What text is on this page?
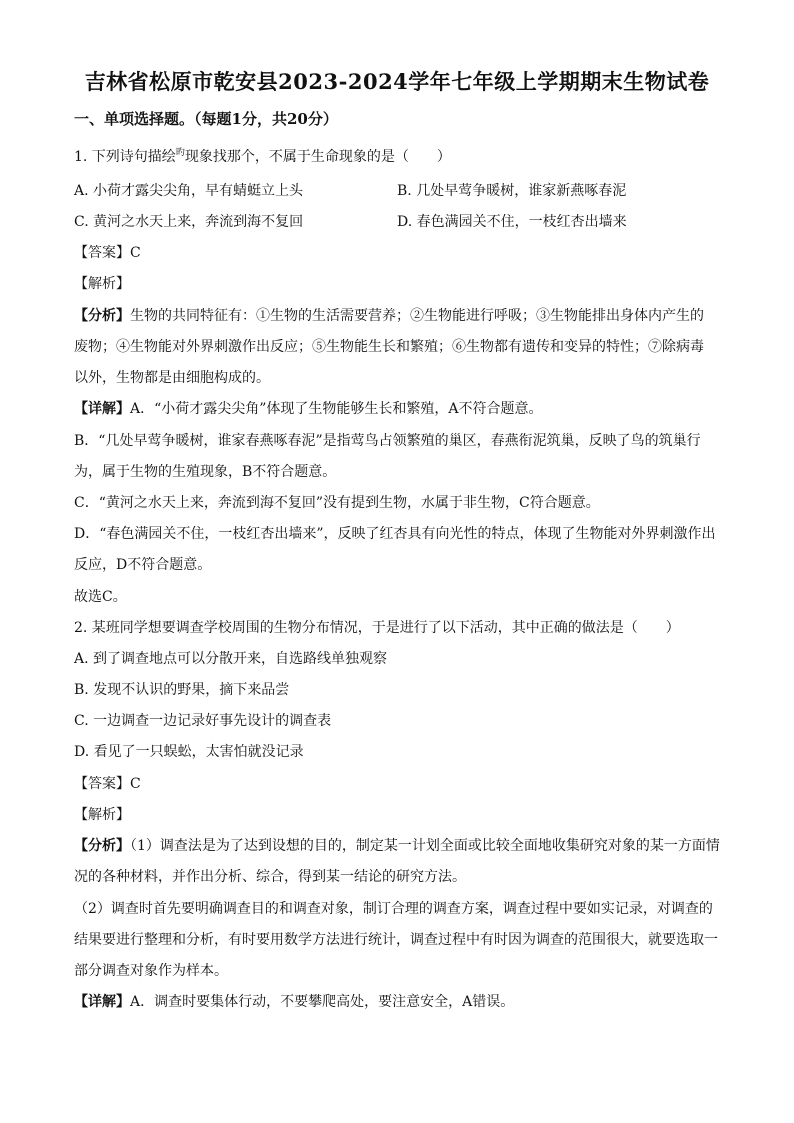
吉林省松原市乾安县2023-2024学年七年级上学期期末生物试卷
一、单项选择题。（每题1分，共20分）
1. 下列诗句描绘$^旳$现象找那个，不属于生命现象的是（　　）
A. 小荷才露尖尖角，早有蜻蜓立上头	B. 几处早莺争暖树，谁家新燕啄春泥
C. 黄河之水天上来，奔流到海不复回	D. 春色满园关不住，一枝红杏出墙来
【答案】C
【解析】
【分析】生物的共同特征有：①生物的生活需要营养；②生物能进行呼吸；③生物能排出身体内产生的
废物；④生物能对外界刺激作出反应；⑤生物能生长和繁殖；⑥生物都有遗传和变异的特性；⑦除病毒
以外，生物都是由细胞构成的。
【详解】A．“小荷才露尖尖角”体现了生物能够生长和繁殖，A不符合题意。
B．“几处早莺争暖树，谁家春燕啄春泥”是指莺鸟占领繁殖的巢区，春燕衔泥筑巢，反映了鸟的筑巢行
为，属于生物的生殖现象，B不符合题意。
C．“黄河之水天上来，奔流到海不复回”没有提到生物，水属于非生物，C符合题意。
D．“春色满园关不住，一枝红杏出墙来”，反映了红杏具有向光性的特点，体现了生物能对外界刺激作出
反应，D不符合题意。
故选C。
2. 某班同学想要调查学校周围的生物分布情况，于是进行了以下活动，其中正确的做法是（　　）
A. 到了调查地点可以分散开来，自选路线单独观察
B. 发现不认识的野果，摘下来品尝
C. 一边调查一边记录好事先设计的调查表
D. 看见了一只蜈蚣，太害怕就没记录
【答案】C
【解析】
【分析】（1）调查法是为了达到设想的目的，制定某一计划全面或比较全面地收集研究对象的某一方面情
况的各种材料，并作出分析、综合，得到某一结论的研究方法。
（2）调查时首先要明确调查目的和调查对象，制订合理的调查方案，调查过程中要如实记录，对调查的
结果要进行整理和分析，有时要用数学方法进行统计，调查过程中有时因为调查的范围很大，就要选取一
部分调查对象作为样本。
【详解】A．调查时要集体行动，不要攀爬高处，要注意安全，A错误。
